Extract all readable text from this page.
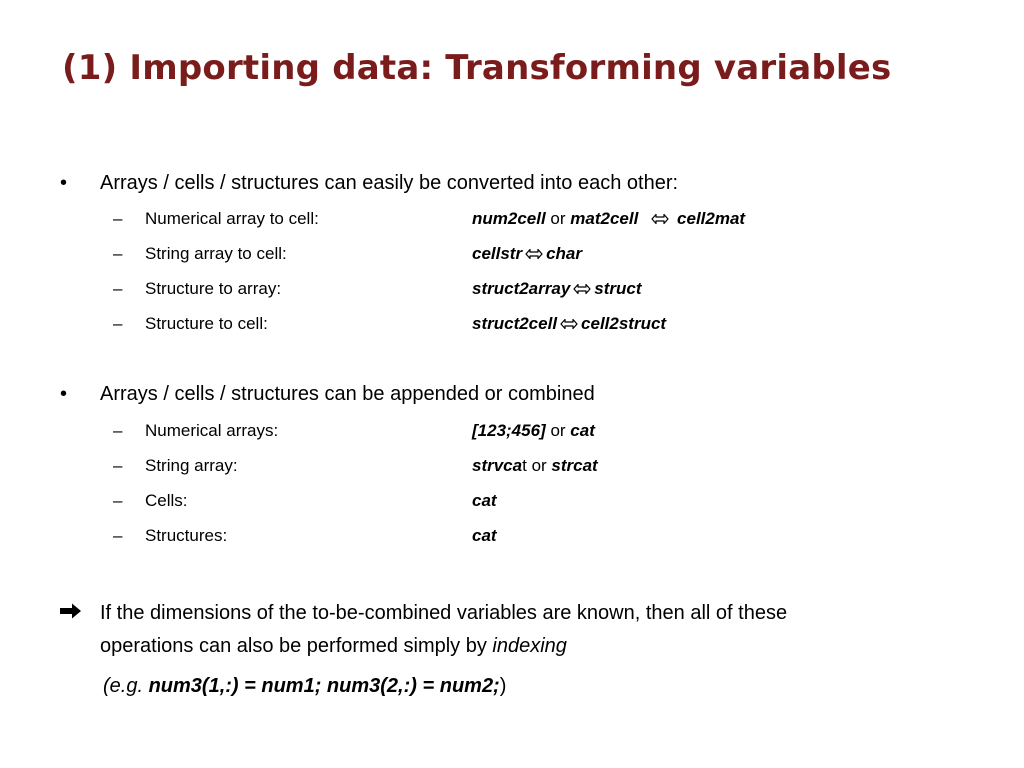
(1) Importing data: Transforming variables
• Arrays / cells / structures can easily be converted into each other:
– Numerical array to cell:	num2cell or mat2cell cell2mat
– String array to cell:	cellstr char
– Structure to array:	struct2array struct
– Structure to cell:	struct2cell cell2struct
• Arrays / cells / structures can be appended or combined
– Numerical arrays:	[123;456] or cat
– String array:	strvcat or strcat
– Cells:	cat
– Structures:	cat
If the dimensions of the to-be-combined variables are known, then all of these
operations can also be performed simply by indexing
(e.g. num3(1,:) = num1; num3(2,:) = num2;)
